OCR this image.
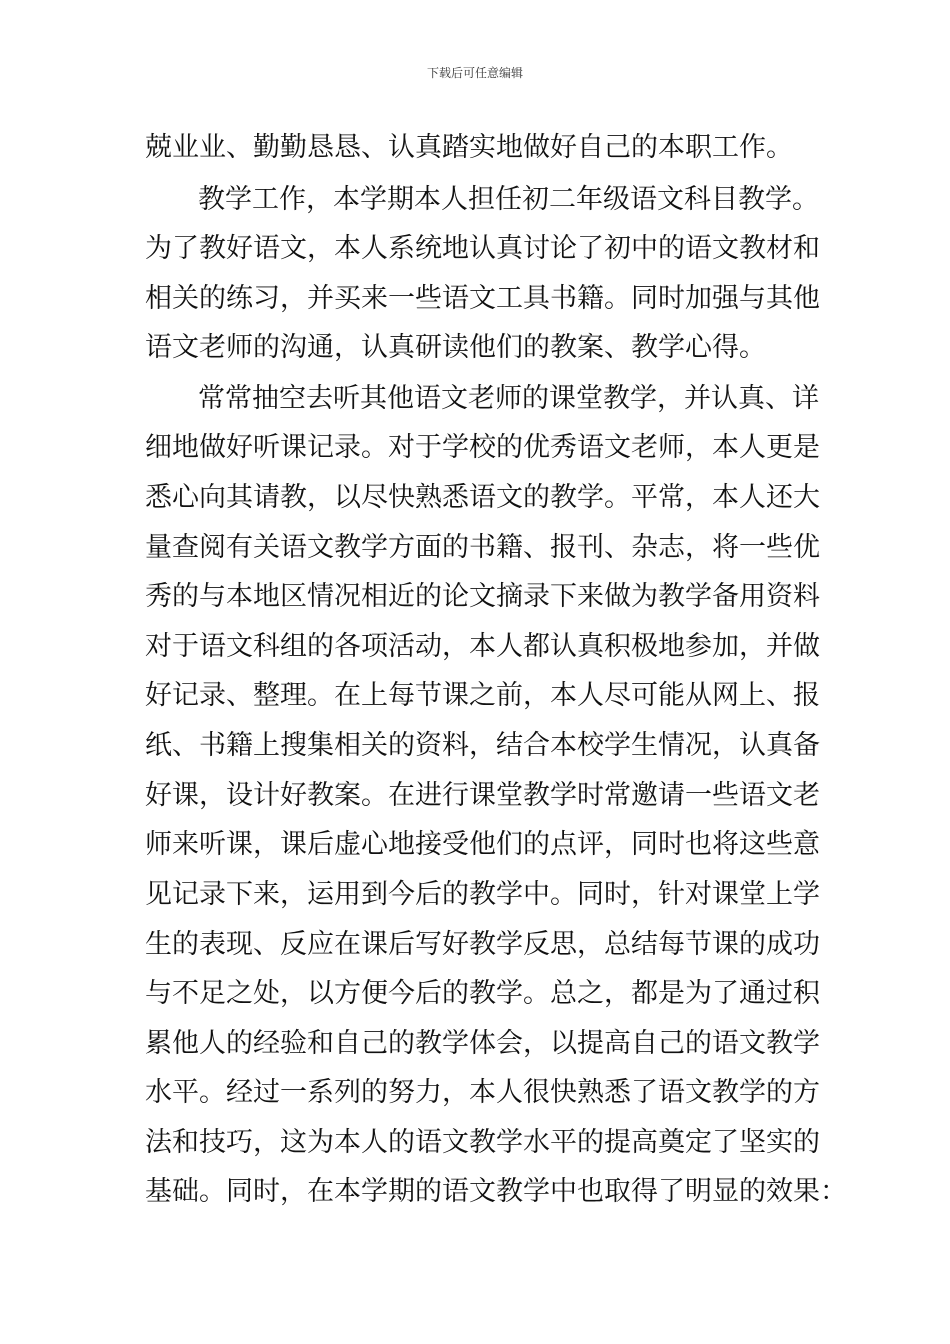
下载后可任意编辑
兢业业、勤勤恳恳、认真踏实地做好自己的本职工作。
教学工作，本学期本人担任初二年级语文科目教学。
为了教好语文，本人系统地认真讨论了初中的语文教材和
相关的练习，并买来一些语文工具书籍。同时加强与其他
语文老师的沟通，认真研读他们的教案、教学心得。
常常抽空去听其他语文老师的课堂教学，并认真、详
细地做好听课记录。对于学校的优秀语文老师，本人更是
悉心向其请教，以尽快熟悉语文的教学。平常，本人还大
量查阅有关语文教学方面的书籍、报刊、杂志，将一些优
秀的与本地区情况相近的论文摘录下来做为教学备用资料
对于语文科组的各项活动，本人都认真积极地参加，并做
好记录、整理。在上每节课之前，本人尽可能从网上、报
纸、书籍上搜集相关的资料，结合本校学生情况，认真备
好课，设计好教案。在进行课堂教学时常邀请一些语文老
师来听课，课后虚心地接受他们的点评，同时也将这些意
见记录下来，运用到今后的教学中。同时，针对课堂上学
生的表现、反应在课后写好教学反思，总结每节课的成功
与不足之处，以方便今后的教学。总之，都是为了通过积
累他人的经验和自己的教学体会，以提高自己的语文教学
水平。经过一系列的努力，本人很快熟悉了语文教学的方
法和技巧，这为本人的语文教学水平的提高奠定了坚实的
基础。同时，在本学期的语文教学中也取得了明显的效果：
